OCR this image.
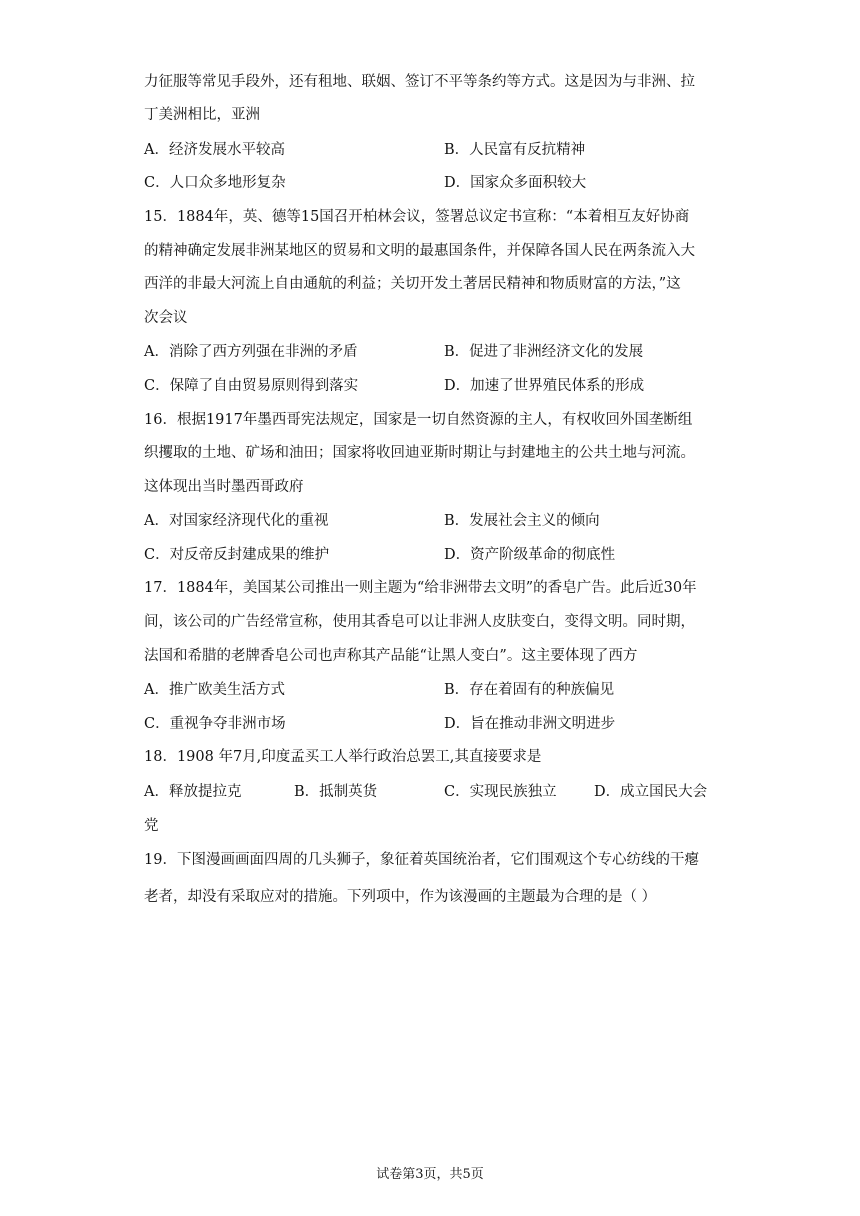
力征服等常见手段外，还有租地、联姻、签订不平等条约等方式。这是因为与非洲、拉
丁美洲相比，亚洲
A．经济发展水平较高	B．人民富有反抗精神
C．人口众多地形复杂	D．国家众多面积较大
15．1884年，英、德等15国召开柏林会议，签署总议定书宣称：“本着相互友好协商
的精神确定发展非洲某地区的贸易和文明的最惠国条件，并保障各国人民在两条流入大
西洋的非最大河流上自由通航的利益；关切开发土著居民精神和物质财富的方法，”这
次会议
A．消除了西方列强在非洲的矛盾	B．促进了非洲经济文化的发展
C．保障了自由贸易原则得到落实	D．加速了世界殖民体系的形成
16．根据1917年墨西哥宪法规定，国家是一切自然资源的主人，有权收回外国垄断组
织攫取的土地、矿场和油田；国家将收回迪亚斯时期让与封建地主的公共土地与河流。
这体现出当时墨西哥政府
A．对国家经济现代化的重视	B．发展社会主义的倾向
C．对反帝反封建成果的维护	D．资产阶级革命的彻底性
17．1884年，美国某公司推出一则主题为“给非洲带去文明”的香皂广告。此后近30年
间，该公司的广告经常宣称，使用其香皂可以让非洲人皮肤变白，变得文明。同时期，
法国和希腊的老牌香皂公司也声称其产品能“让黑人变白”。这主要体现了西方
A．推广欧美生活方式	B．存在着固有的种族偏见
C．重视争夺非洲市场	D．旨在推动非洲文明进步
18．1908 年7月,印度孟买工人举行政治总罢工,其直接要求是
A．释放提拉克	B．抵制英货	C．实现民族独立	D．成立国民大会
党
19．下图漫画画面四周的几头狮子，象征着英国统治者，它们围观这个专心纺线的干瘪
老者，却没有采取应对的措施。下列项中，作为该漫画的主题最为合理的是（ ）
试卷第3页，共5页
